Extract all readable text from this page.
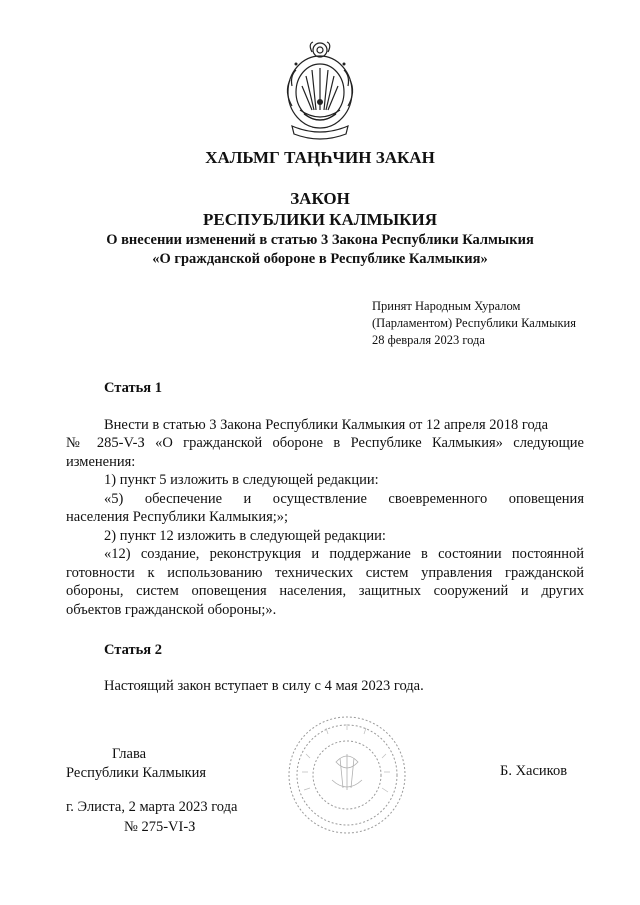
ХАЛЬМГ ТАҢҺЧИН ЗАКАН
ЗАКОН
РЕСПУБЛИКИ КАЛМЫКИЯ
О внесении изменений в статью 3 Закона Республики Калмыкия
«О гражданской обороне в Республике Калмыкия»
Принят Народным Хуралом
(Парламентом) Республики Калмыкия
28 февраля 2023 года
Статья 1
Внести в статью 3 Закона Республики Калмыкия от 12 апреля 2018 года
№ 285-V-З «О гражданской обороне в Республике Калмыкия» следующие
изменения:
1) пункт 5 изложить в следующей редакции:
«5) обеспечение и осуществление своевременного оповещения
населения Республики Калмыкия;»;
2) пункт 12 изложить в следующей редакции:
«12) создание, реконструкция и поддержание в состоянии постоянной
готовности к использованию технических систем управления гражданской
обороны, систем оповещения населения, защитных сооружений и других
объектов гражданской обороны;».
Статья 2
Настоящий закон вступает в силу с 4 мая 2023 года.
Глава
Республики Калмыкия	Б. Хасиков
г. Элиста, 2 марта 2023 года
№ 275-VI-З
